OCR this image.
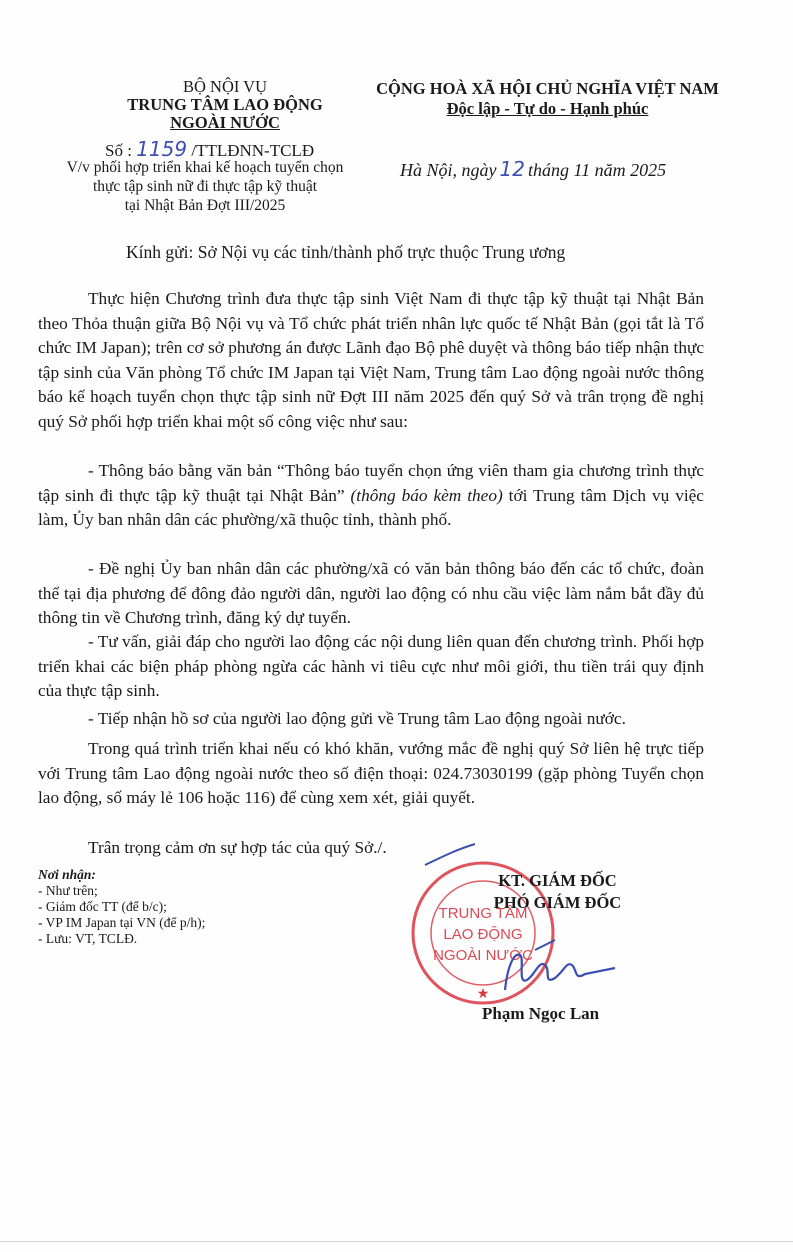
BỘ NỘI VỤ
TRUNG TÂM LAO ĐỘNG
NGOÀI NƯỚC
Số : 1159 /TTLĐNN-TCLĐ
V/v phối hợp triển khai kế hoạch tuyển chọn
thực tập sinh nữ đi thực tập kỹ thuật
tại Nhật Bản Đợt III/2025
CỘNG HOÀ XÃ HỘI CHỦ NGHĨA VIỆT NAM
Độc lập - Tự do - Hạnh phúc
Hà Nội, ngày 12 tháng 11 năm 2025
Kính gửi: Sở Nội vụ các tỉnh/thành phố trực thuộc Trung ương
Thực hiện Chương trình đưa thực tập sinh Việt Nam đi thực tập kỹ thuật tại Nhật Bản theo Thỏa thuận giữa Bộ Nội vụ và Tổ chức phát triển nhân lực quốc tế Nhật Bản (gọi tắt là Tổ chức IM Japan); trên cơ sở phương án được Lãnh đạo Bộ phê duyệt và thông báo tiếp nhận thực tập sinh của Văn phòng Tổ chức IM Japan tại Việt Nam, Trung tâm Lao động ngoài nước thông báo kế hoạch tuyển chọn thực tập sinh nữ Đợt III năm 2025 đến quý Sở và trân trọng đề nghị quý Sở phối hợp triển khai một số công việc như sau:
- Thông báo bằng văn bản “Thông báo tuyển chọn ứng viên tham gia chương trình thực tập sinh đi thực tập kỹ thuật tại Nhật Bản” (thông báo kèm theo) tới Trung tâm Dịch vụ việc làm, Ủy ban nhân dân các phường/xã thuộc tỉnh, thành phố.
- Đề nghị Ủy ban nhân dân các phường/xã có văn bản thông báo đến các tổ chức, đoàn thể tại địa phương để đông đảo người dân, người lao động có nhu cầu việc làm nắm bắt đầy đủ thông tin về Chương trình, đăng ký dự tuyển.
- Tư vấn, giải đáp cho người lao động các nội dung liên quan đến chương trình. Phối hợp triển khai các biện pháp phòng ngừa các hành vi tiêu cực như môi giới, thu tiền trái quy định của thực tập sinh.
- Tiếp nhận hồ sơ của người lao động gửi về Trung tâm Lao động ngoài nước.
Trong quá trình triển khai nếu có khó khăn, vướng mắc đề nghị quý Sở liên hệ trực tiếp với Trung tâm Lao động ngoài nước theo số điện thoại: 024.73030199 (gặp phòng Tuyển chọn lao động, số máy lẻ 106 hoặc 116) để cùng xem xét, giải quyết.
Trân trọng cảm ơn sự hợp tác của quý Sở./.
Nơi nhận:
- Như trên;
- Giám đốc TT (để b/c);
- VP IM Japan tại VN (để p/h);
- Lưu: VT, TCLĐ.
TRUNG TÂM
LAO ĐỘNG
NGOÀI NƯỚC
★
KT. GIÁM ĐỐC
PHÓ GIÁM ĐỐC
Phạm Ngọc Lan
